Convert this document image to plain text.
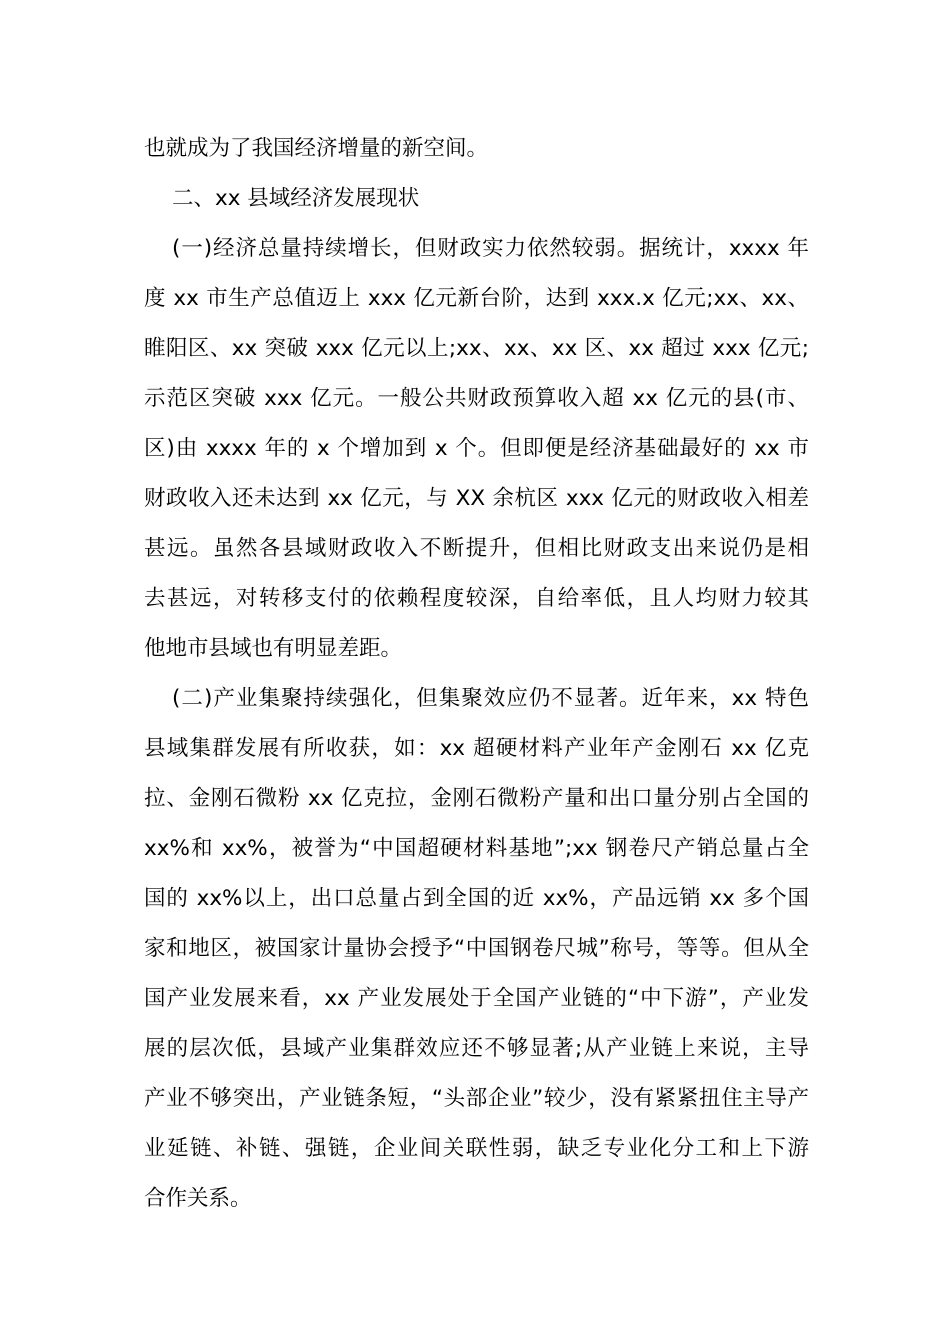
也就成为了我国经济增量的新空间。
二、xx 县域经济发展现状
(一)经济总量持续增长，但财政实力依然较弱。据统计，xxxx 年
度 xx 市生产总值迈上 xxx 亿元新台阶，达到 xxx.x 亿元;xx、xx、
睢阳区、xx 突破 xxx 亿元以上;xx、xx、xx 区、xx 超过 xxx 亿元;
示范区突破 xxx 亿元。一般公共财政预算收入超 xx 亿元的县(市、
区)由 xxxx 年的 x 个增加到 x 个。但即便是经济基础最好的 xx 市
财政收入还未达到 xx 亿元，与 XX 余杭区 xxx 亿元的财政收入相差
甚远。虽然各县域财政收入不断提升，但相比财政支出来说仍是相
去甚远，对转移支付的依赖程度较深，自给率低，且人均财力较其
他地市县域也有明显差距。
(二)产业集聚持续强化，但集聚效应仍不显著。近年来，xx 特色
县域集群发展有所收获，如：xx 超硬材料产业年产金刚石 xx 亿克
拉、金刚石微粉 xx 亿克拉，金刚石微粉产量和出口量分别占全国的
xx%和 xx%，被誉为“中国超硬材料基地”;xx 钢卷尺产销总量占全
国的 xx%以上，出口总量占到全国的近 xx%，产品远销 xx 多个国
家和地区，被国家计量协会授予“中国钢卷尺城”称号，等等。但从全
国产业发展来看，xx 产业发展处于全国产业链的“中下游”，产业发
展的层次低，县域产业集群效应还不够显著;从产业链上来说，主导
产业不够突出，产业链条短，“头部企业”较少，没有紧紧扭住主导产
业延链、补链、强链，企业间关联性弱，缺乏专业化分工和上下游
合作关系。
